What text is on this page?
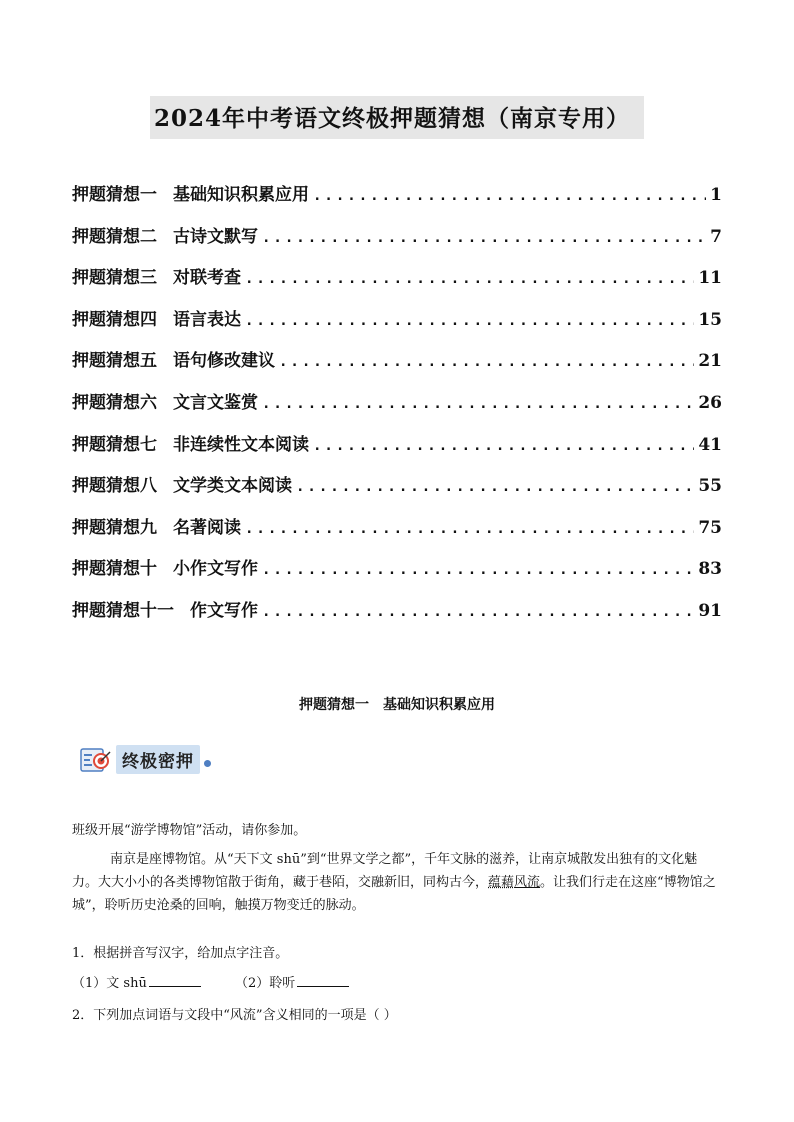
2024年中考语文终极押题猜想（南京专用）
押题猜想一 基础知识积累应用 .....	1
押题猜想二 古诗文默写 .....	7
押题猜想三 对联考查 .....	11
押题猜想四 语言表达 .....	15
押题猜想五 语句修改建议 .....	21
押题猜想六 文言文鉴赏 .....	26
押题猜想七 非连续性文本阅读 .....	41
押题猜想八 文学类文本阅读 .....	55
押题猜想九 名著阅读 .....	75
押题猜想十 小作文写作 .....	83
押题猜想十一 作文写作 .....	91
押题猜想一 基础知识积累应用
终极密押
班级开展“游学博物馆”活动，请你参加。
南京是座博物馆。从“天下文 shū”到“世界文学之都”，千年文脉的滋养，让南京城散发出独有的文化魅力。大大小小的各类博物馆散于街角，藏于巷陌，交融新旧，同构古今，蕴藉风流。让我们行走在这座“博物馆之城”，聆听历史沧桑的回响，触摸万物变迁的脉动。
1．根据拼音写汉字，给加点字注音。
（1）文 shū	（2）聆听
2．下列加点词语与文段中“风流”含义相同的一项是（ ）
